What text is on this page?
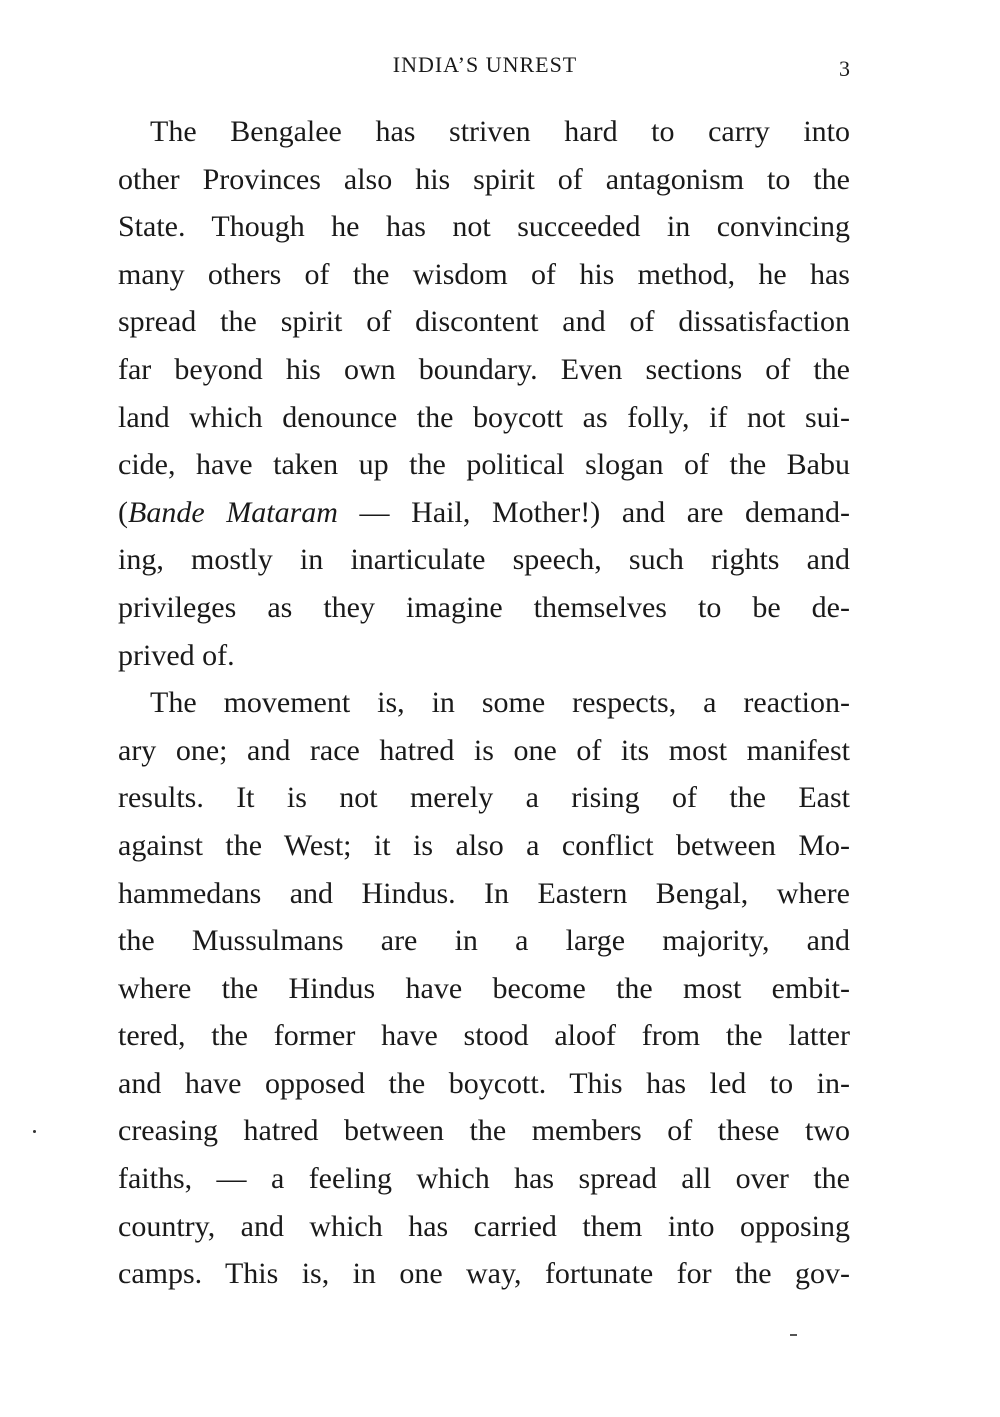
INDIA’S UNREST	3
The Bengalee has striven hard to carry into
other Provinces also his spirit of antagonism to the
State. Though he has not succeeded in convincing
many others of the wisdom of his method, he has
spread the spirit of discontent and of dissatisfaction
far beyond his own boundary. Even sections of the
land which denounce the boycott as folly, if not sui-
cide, have taken up the political slogan of the Babu
(Bande Mataram — Hail, Mother!) and are demand-
ing, mostly in inarticulate speech, such rights and
privileges as they imagine themselves to be de-
prived of.
The movement is, in some respects, a reaction-
ary one; and race hatred is one of its most manifest
results. It is not merely a rising of the East
against the West; it is also a conflict between Mo-
hammedans and Hindus. In Eastern Bengal, where
the Mussulmans are in a large majority, and
where the Hindus have become the most embit-
tered, the former have stood aloof from the latter
and have opposed the boycott. This has led to in-
creasing hatred between the members of these two
faiths, — a feeling which has spread all over the
country, and which has carried them into opposing
camps. This is, in one way, fortunate for the gov-
